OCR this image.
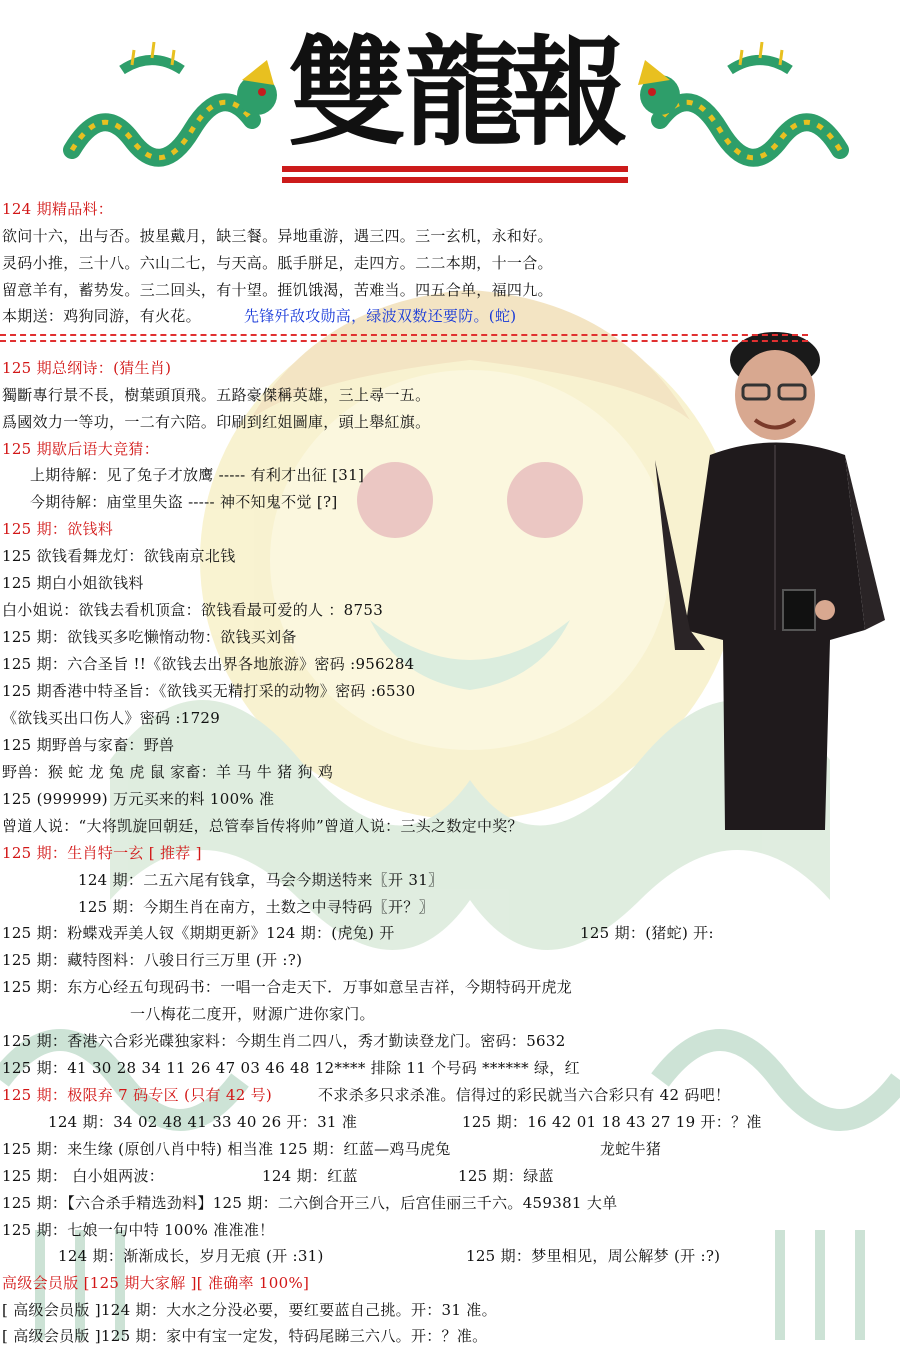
雙
龍
報
124 期精品料：
欲问十六，出与否。披星戴月，缺三餐。异地重游，遇三四。三一玄机，永和好。
灵码小推，三十八。六山二七，与天高。胝手胼足，走四方。二二本期，十一合。
留意羊有，蓄势发。三二回头，有十望。捱饥饿渴，苦难当。四五合单，福四九。
本期送：鸡狗同游，有火花。	先锋歼敌攻勋高，绿波双数还要防。(蛇)
125 期总纲诗：(猜生肖)
獨斷專行景不長，樹葉頭頂飛。五路豪傑稱英雄，三上尋一五。
爲國效力一等功，一二有六陪。印刷到红姐圖庫，頭上舉紅旗。
125 期歇后语大竞猜：
上期待解：见了兔子才放鹰 ----- 有利才出征 [31]
今期待解：庙堂里失盗 ----- 神不知鬼不觉 [?]
125 期：欲钱料
125 欲钱看舞龙灯：欲钱南京北钱
125 期白小姐欲钱料
白小姐说：欲钱去看机顶盒：欲钱看最可爱的人 ：8753
125 期：欲钱买多吃懒惰动物：欲钱买刘备
125 期：六合圣旨 !!《欲钱去出界各地旅游》密码 :956284
125 期香港中特圣旨：《欲钱买无精打采的动物》密码 :6530
《欲钱买出口伤人》密码 :1729
125 期野兽与家畜：野兽
野兽：猴 蛇 龙 兔 虎 鼠 家畜：羊 马 牛 猪 狗 鸡
125 (999999) 万元买来的料 100% 准
曾道人说：“大将凯旋回朝廷，总管奉旨传将帅”曾道人说：三头之数定中奖？
125 期：生肖特一玄 [ 推荐 ]
124 期：二五六尾有钱拿，马会今期送特来〖开 31〗
125 期：今期生肖在南方，土数之中寻特码〖开？〗
125 期：粉蝶戏弄美人钗《期期更新》124 期：(虎兔) 开	125 期：(猪蛇) 开:
125 期：藏特图料：八骏日行三万里 (开 :?)
125 期：东方心经五句现码书：一唱一合走天下．万事如意呈吉祥，今期特码开虎龙
一八梅花二度开，财源广进你家门。
125 期：香港六合彩光碟独家料：今期生肖二四八，秀才勤读登龙门。密码：5632
125 期：41 30 28 34 11 26 47 03 46 48 12**** 排除 11 个号码 ****** 绿，红
125 期：极限弃 7 码专区 (只有 42 号)	不求杀多只求杀准。信得过的彩民就当六合彩只有 42 码吧！
124 期：34 02 48 41 33 40 26 开：31 准	125 期：16 42 01 18 43 27 19 开：？准
125 期：来生缘 (原创八肖中特) 相当准 125 期：红蓝—鸡马虎兔	龙蛇牛猪
125 期： 白小姐两波：	124 期：红蓝	125 期：绿蓝
125 期：【六合杀手精选劲料】125 期：二六倒合开三八，后宫佳丽三千六。459381 大单
125 期：七娘一句中特 100% 准准准！
124 期：渐渐成长，岁月无痕 (开 :31)	125 期：梦里相见，周公解梦 (开 :?)
高级会员版 [125 期大家解 ][ 准确率 100%]
[ 高级会员版 ]124 期：大水之分没必要，要红要蓝自己挑。开：31 准。
[ 高级会员版 ]125 期：家中有宝一定发，特码尾睇三六八。开：？准。
